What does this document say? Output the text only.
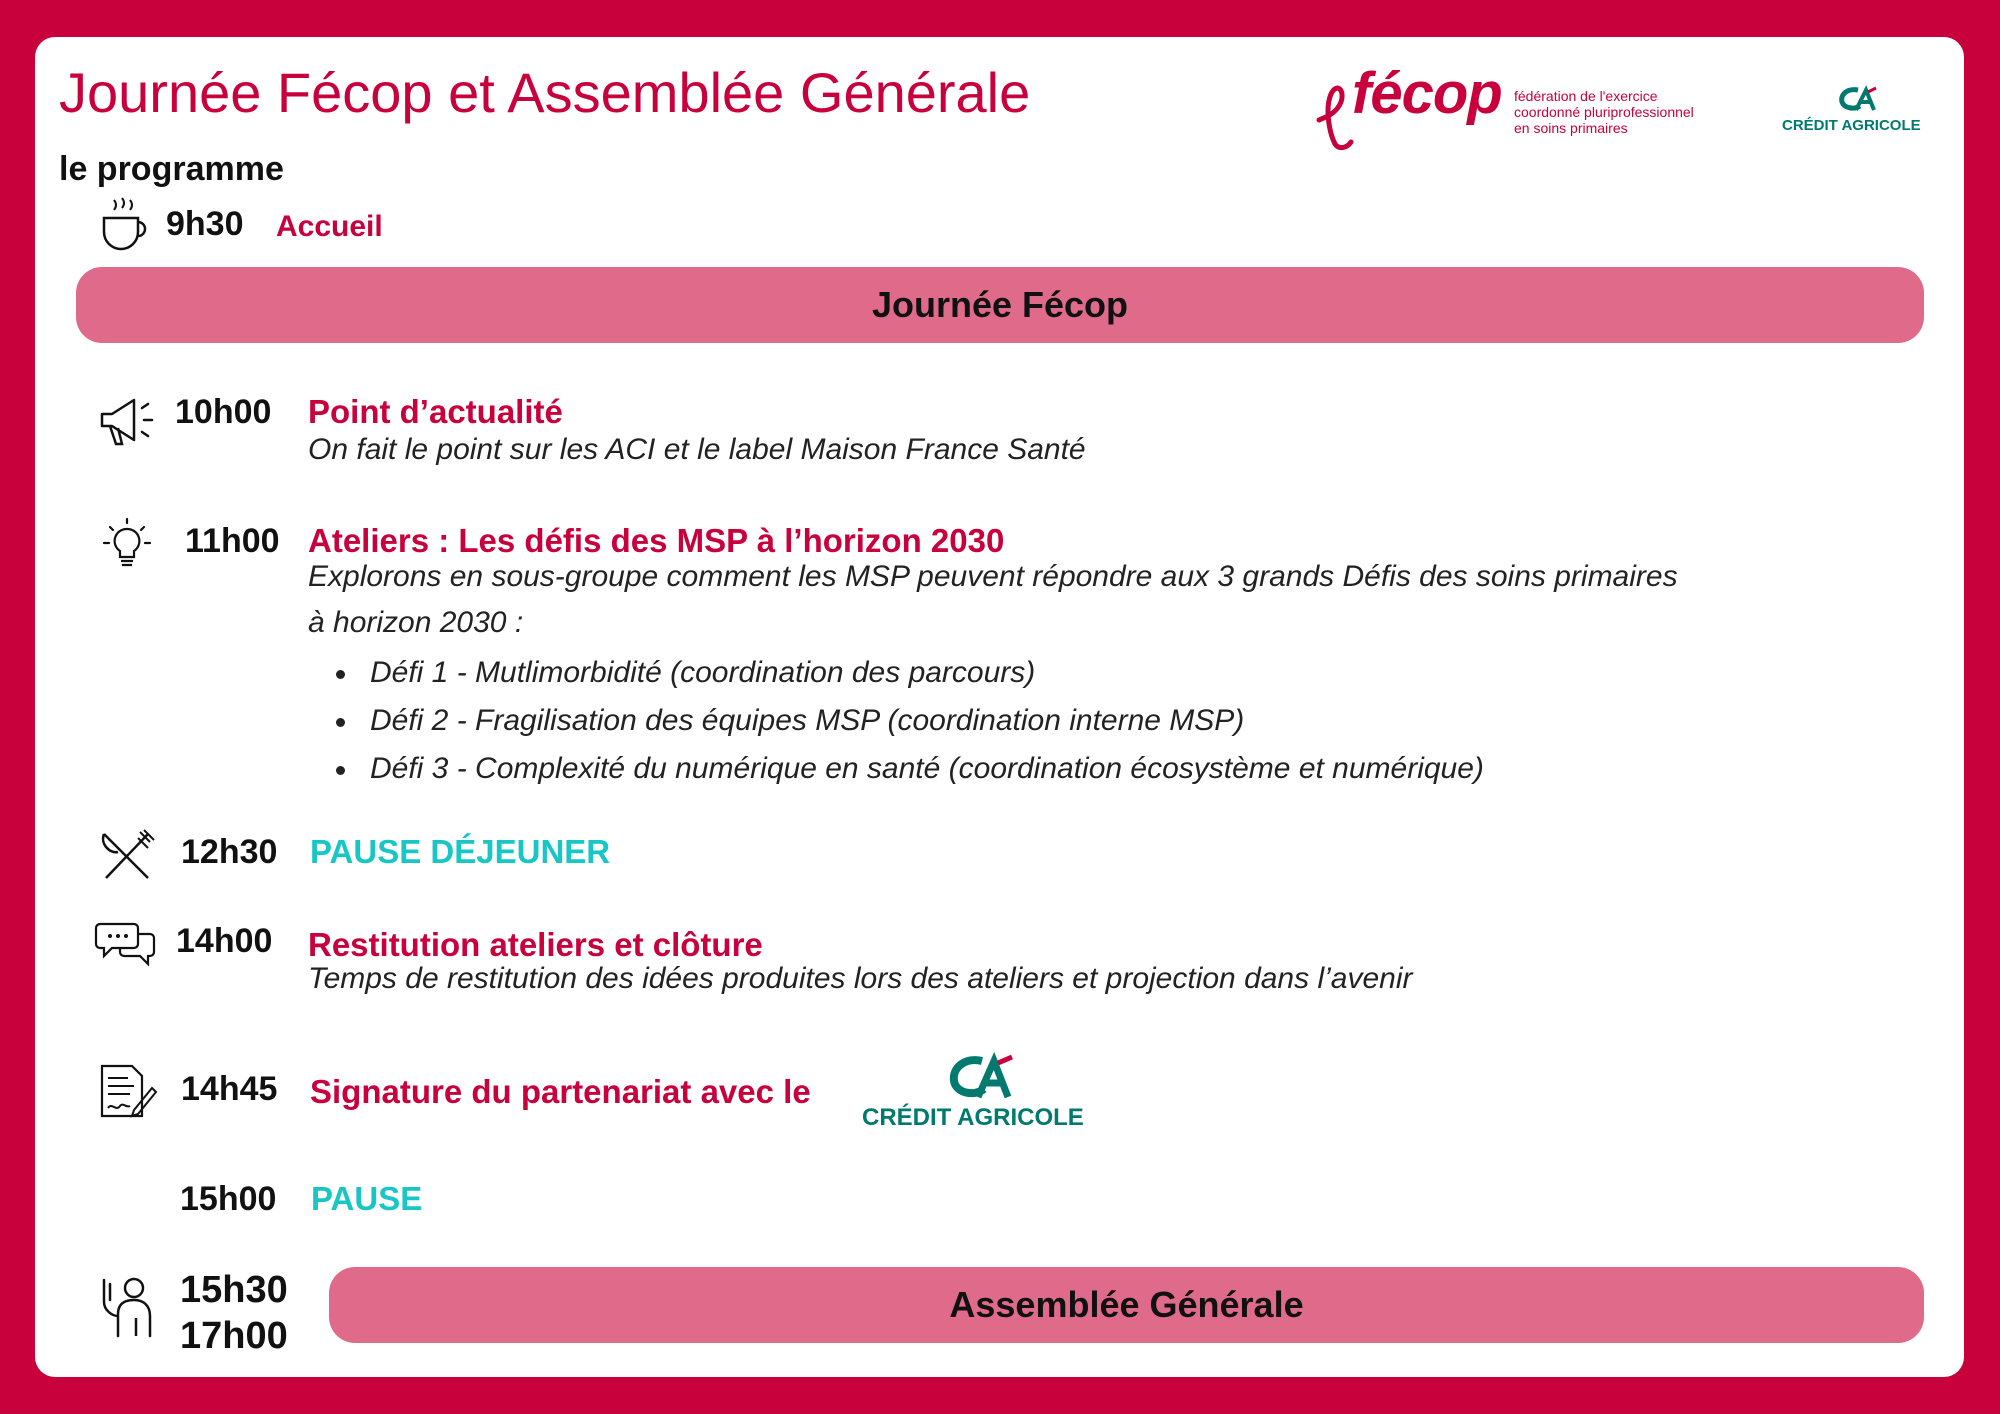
Journée Fécop et Assemblée Générale
le programme
fécop fédération de l'exercice
coordonné pluriprofessionnel
en soins primaires	CRÉDIT AGRICOLE
9h30 Accueil
Journée Fécop
10h00 Point d’actualité
On fait le point sur les ACI et le label Maison France Santé
11h00 Ateliers : Les défis des MSP à l’horizon 2030
Explorons en sous-groupe comment les MSP peuvent répondre aux 3 grands Défis des soins primaires
à horizon 2030 :
Défi 1 - Mutlimorbidité (coordination des parcours)
Défi 2 - Fragilisation des équipes MSP (coordination interne MSP)
Défi 3 - Complexité du numérique en santé (coordination écosystème et numérique)
12h30 PAUSE DÉJEUNER
14h00 Restitution ateliers et clôture
Temps de restitution des idées produites lors des ateliers et projection dans l’avenir
14h45 Signature du partenariat avec le
CRÉDIT AGRICOLE
15h00 PAUSE
15h30
17h00
Assemblée Générale
